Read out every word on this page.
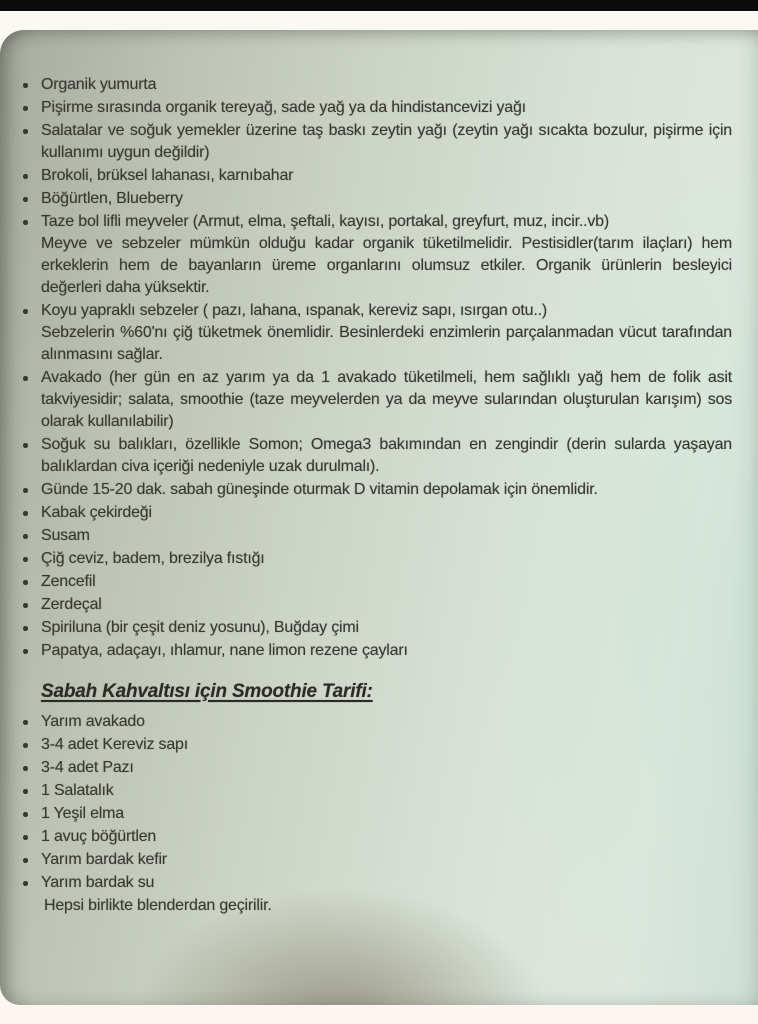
Organik yumurta
Pişirme sırasında organik tereyağ, sade yağ ya da hindistancevizi yağı
Salatalar ve soğuk yemekler üzerine taş baskı zeytin yağı (zeytin yağı sıcakta bozulur, pişirme için kullanımı uygun değildir)
Brokoli, brüksel lahanası, karnıbahar
Böğürtlen, Blueberry
Taze bol lifli meyveler (Armut, elma, şeftali, kayısı, portakal, greyfurt, muz, incir..vb)
Meyve ve sebzeler mümkün olduğu kadar organik tüketilmelidir. Pestisidler(tarım ilaçları) hem erkeklerin hem de bayanların üreme organlarını olumsuz etkiler. Organik ürünlerin besleyici değerleri daha yüksektir.
Koyu yapraklı sebzeler ( pazı, lahana, ıspanak, kereviz sapı, ısırgan otu..)
Sebzelerin %60'nı çiğ tüketmek önemlidir. Besinlerdeki enzimlerin parçalanmadan vücut tarafından alınmasını sağlar.
Avakado (her gün en az yarım ya da 1 avakado tüketilmeli, hem sağlıklı yağ hem de folik asit takviyesidir; salata, smoothie (taze meyvelerden ya da meyve sularından oluşturulan karışım) sos olarak kullanılabilir)
Soğuk su balıkları, özellikle Somon; Omega3 bakımından en zengindir (derin sularda yaşayan balıklardan civa içeriği nedeniyle uzak durulmalı).
Günde 15-20 dak. sabah güneşinde oturmak D vitamin depolamak için önemlidir.
Kabak çekirdeği
Susam
Çiğ ceviz, badem, brezilya fıstığı
Zencefil
Zerdeçal
Spiriluna (bir çeşit deniz yosunu), Buğday çimi
Papatya, adaçayı, ıhlamur, nane limon rezene çayları
Sabah Kahvaltısı için Smoothie Tarifi:
Yarım avakado
3-4 adet Kereviz sapı
3-4 adet Pazı
1 Salatalık
1 Yeşil elma
1 avuç böğürtlen
Yarım bardak kefir
Yarım bardak su
Hepsi birlikte blenderdan geçirilir.
